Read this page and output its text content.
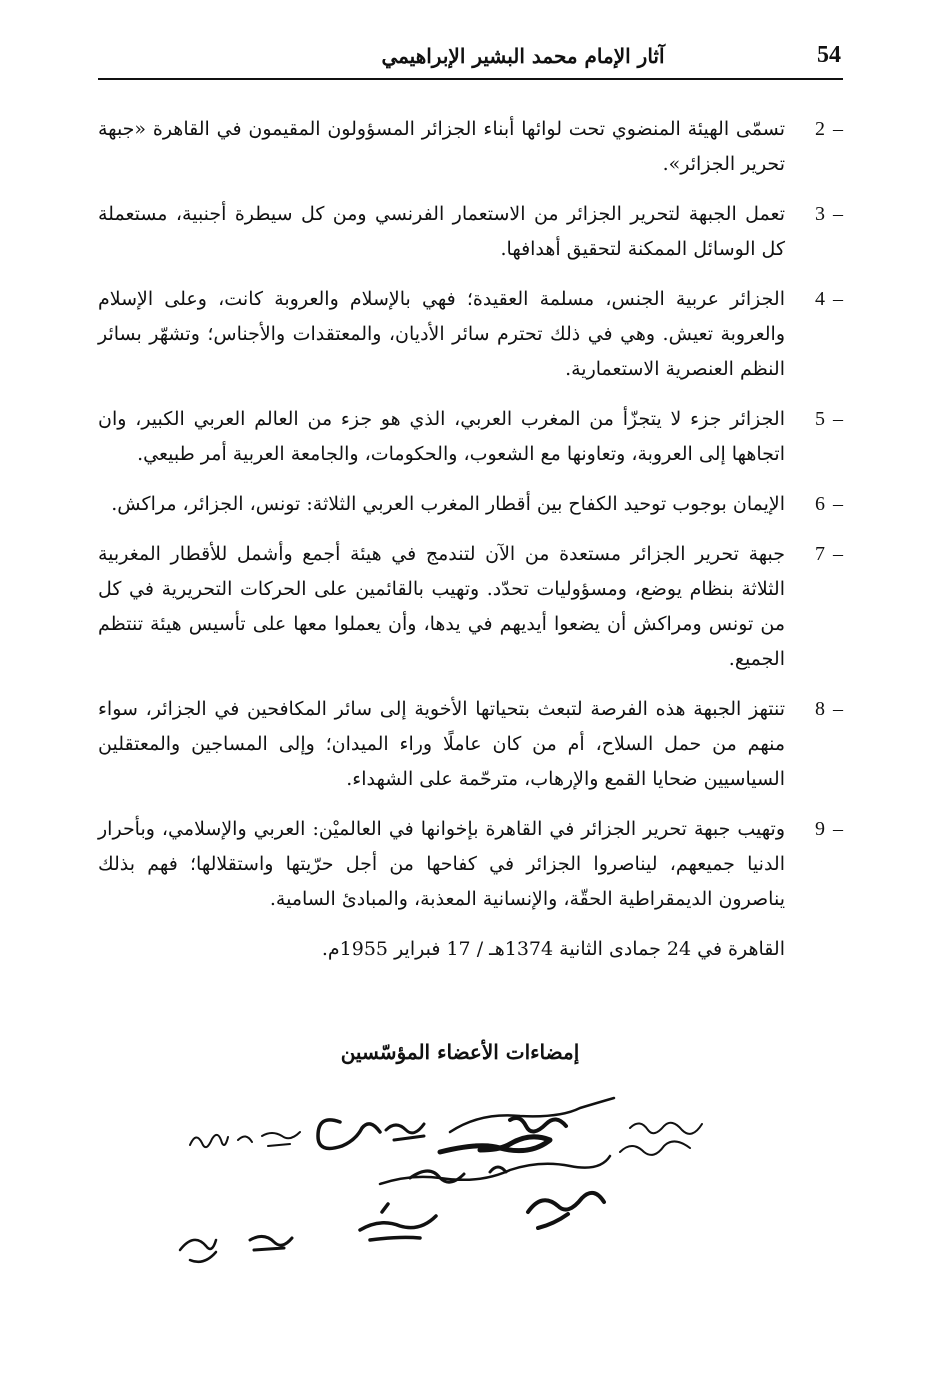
54
آثار الإمام محمد البشير الإبراهيمي
2 –
تسمّى الهيئة المنضوي تحت لوائها أبناء الجزائر المسؤولون المقيمون في القاهرة «جبهة تحرير الجزائر».
3 –
تعمل الجبهة لتحرير الجزائر من الاستعمار الفرنسي ومن كل سيطرة أجنبية، مستعملة كل الوسائل الممكنة لتحقيق أهدافها.
4 –
الجزائر عربية الجنس، مسلمة العقيدة؛ فهي بالإسلام والعروبة كانت، وعلى الإسلام والعروبة تعيش. وهي في ذلك تحترم سائر الأديان، والمعتقدات والأجناس؛ وتشهّر بسائر النظم العنصرية الاستعمارية.
5 –
الجزائر جزء لا يتجزّأ من المغرب العربي، الذي هو جزء من العالم العربي الكبير، وان اتجاهها إلى العروبة، وتعاونها مع الشعوب، والحكومات، والجامعة العربية أمر طبيعي.
6 –
الإيمان بوجوب توحيد الكفاح بين أقطار المغرب العربي الثلاثة: تونس، الجزائر، مراكش.
7 –
جبهة تحرير الجزائر مستعدة من الآن لتندمج في هيئة أجمع وأشمل للأقطار المغربية الثلاثة بنظام يوضع، ومسؤوليات تحدّد. وتهيب بالقائمين على الحركات التحريرية في كل من تونس ومراكش أن يضعوا أيديهم في يدها، وأن يعملوا معها على تأسيس هيئة تنتظم الجميع.
8 –
تنتهز الجبهة هذه الفرصة لتبعث بتحياتها الأخوية إلى سائر المكافحين في الجزائر، سواء منهم من حمل السلاح، أم من كان عاملًا وراء الميدان؛ وإلى المساجين والمعتقلين السياسيين ضحايا القمع والإرهاب، مترحّمة على الشهداء.
9 –
وتهيب جبهة تحرير الجزائر في القاهرة بإخوانها في العالميْن: العربي والإسلامي، وبأحرار الدنيا جميعهم، ليناصروا الجزائر في كفاحها من أجل حرّيتها واستقلالها؛ فهم بذلك يناصرون الديمقراطية الحقّة، والإنسانية المعذبة، والمبادئ السامية.
القاهرة في 24 جمادى الثانية 1374هـ / 17 فبراير 1955م.
إمضاءات الأعضاء المؤسّسين
